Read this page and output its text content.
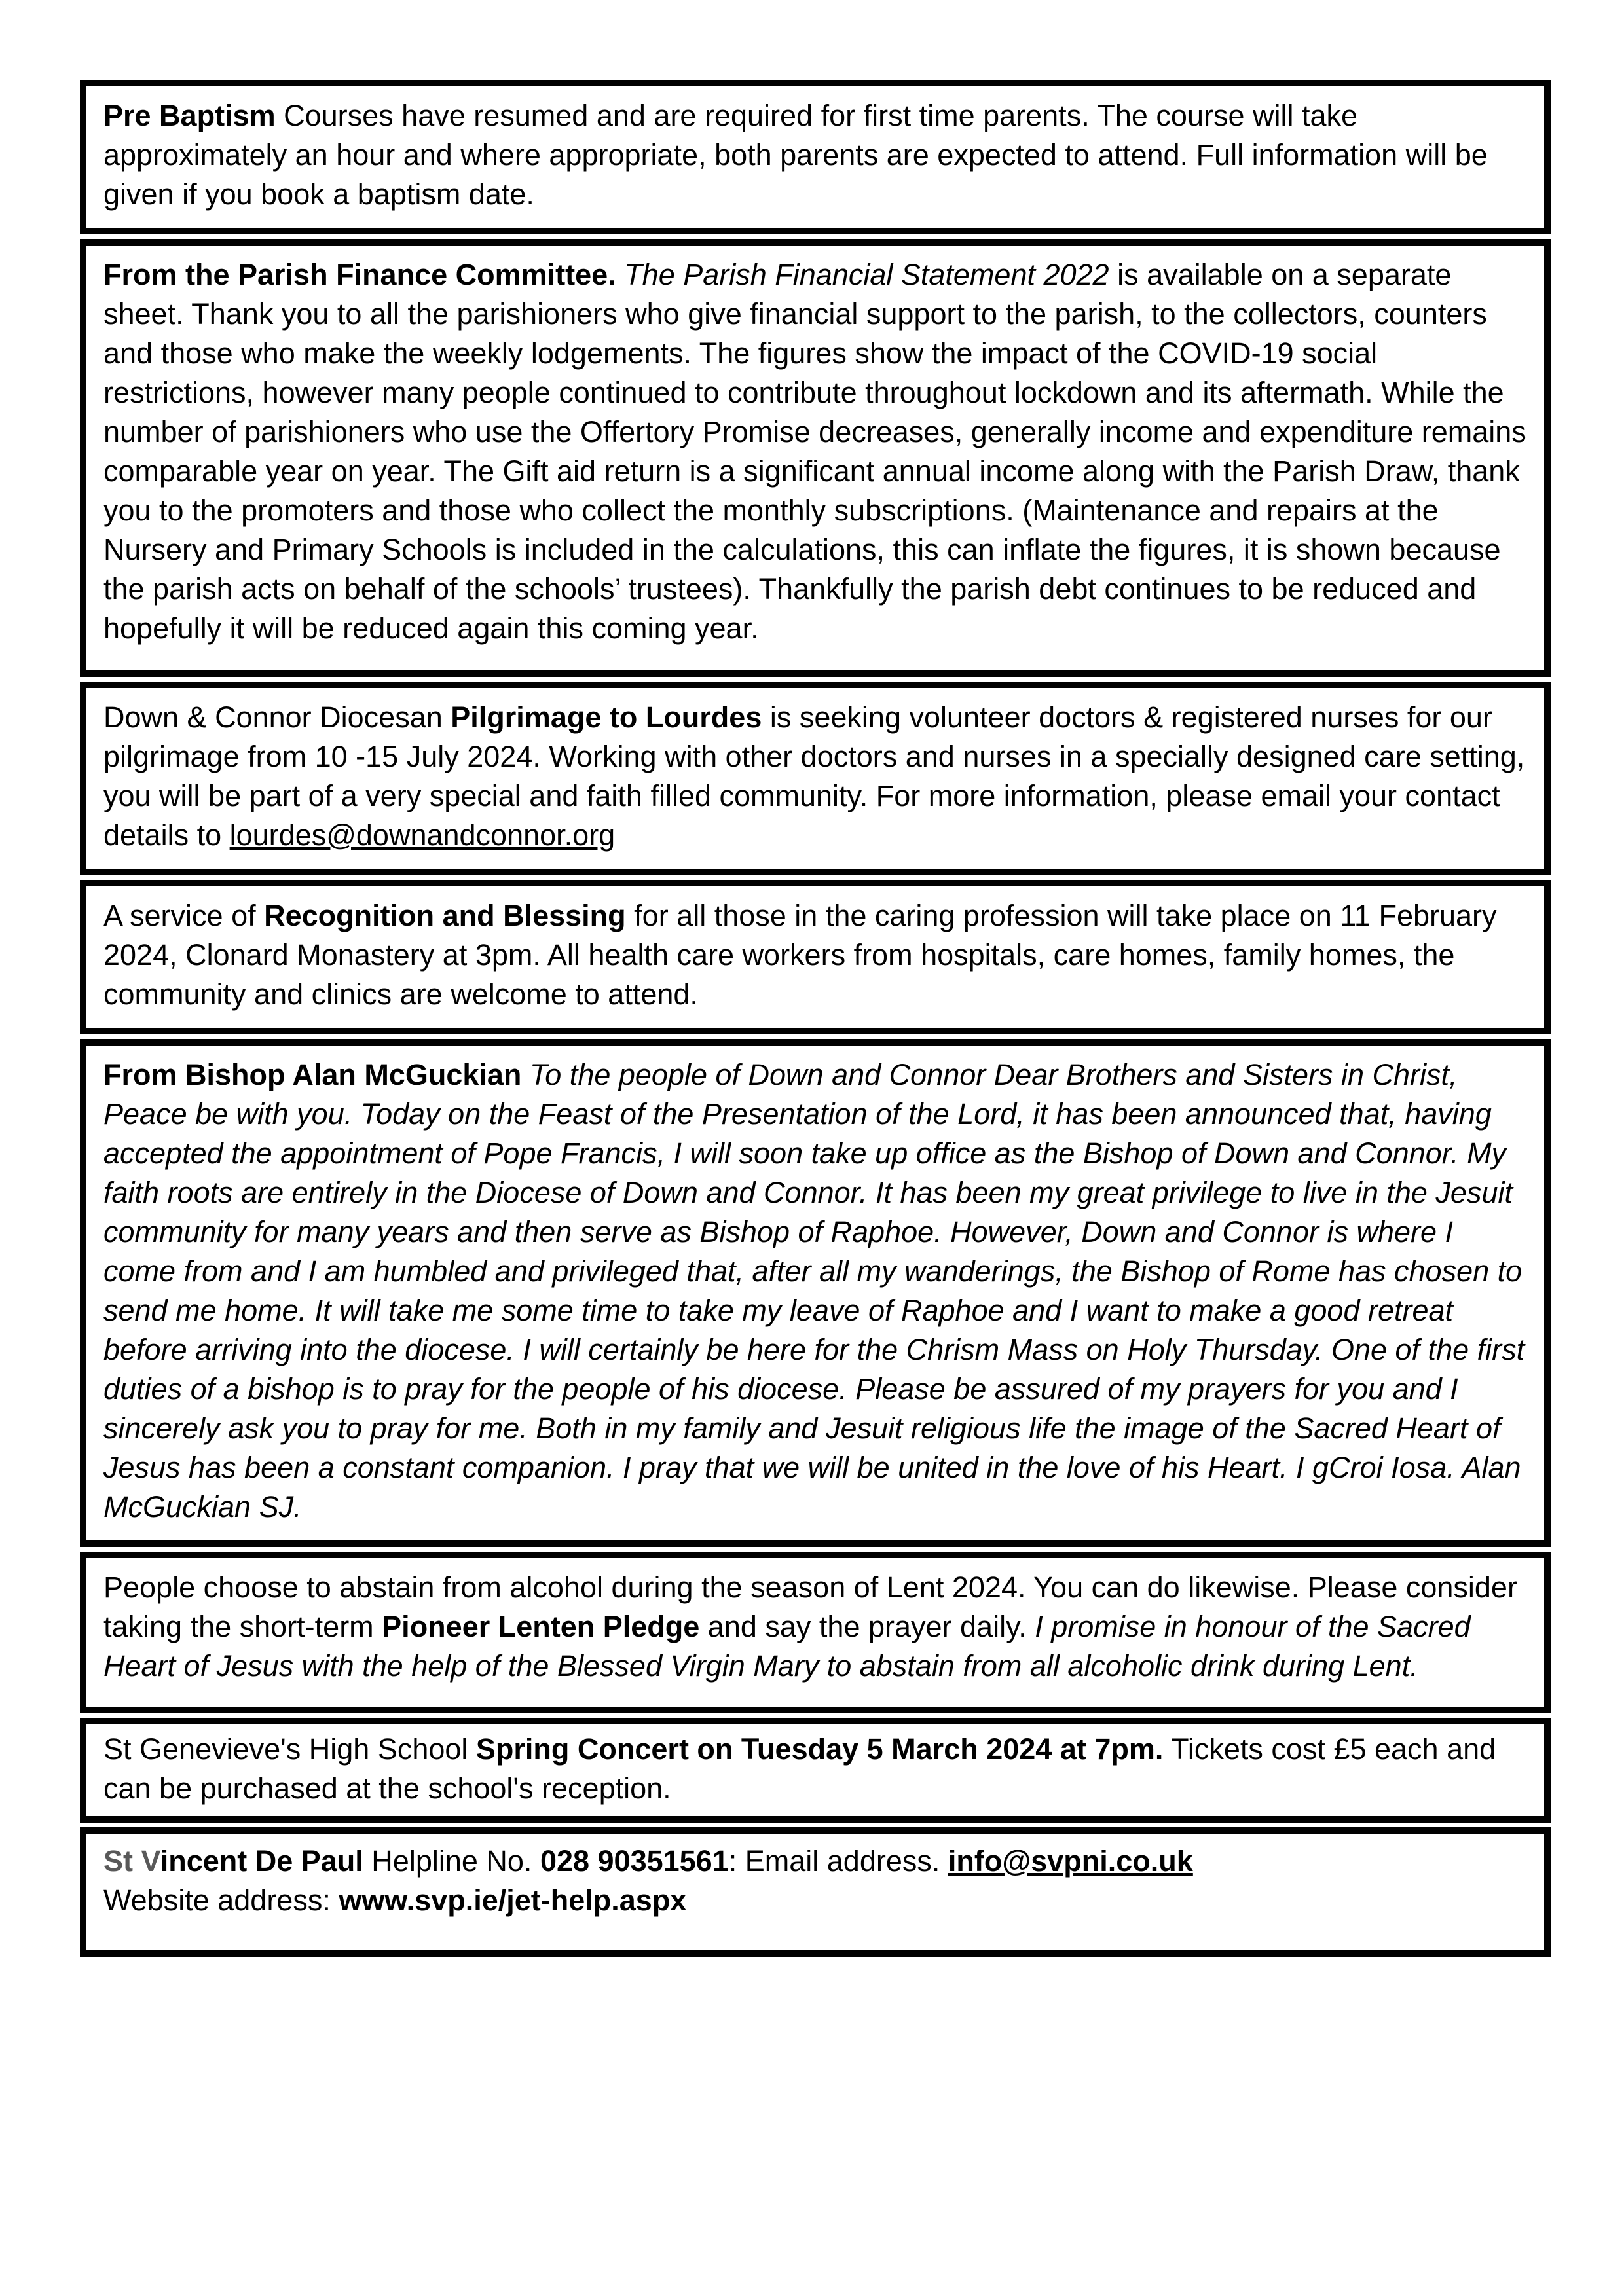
Pre Baptism Courses have resumed and are required for first time parents. The course will take approximately an hour and where appropriate, both parents are expected to attend. Full information will be given if you book a baptism date.

From the Parish Finance Committee. The Parish Financial Statement 2022 is available on a separate sheet. Thank you to all the parishioners who give financial support to the parish, to the collectors, counters and those who make the weekly lodgements. The figures show the impact of the COVID-19 social restrictions, however many people continued to contribute throughout lockdown and its aftermath. While the number of parishioners who use the Offertory Promise decreases, generally income and expenditure remains comparable year on year. The Gift aid return is a significant annual income along with the Parish Draw, thank you to the promoters and those who collect the monthly subscriptions. (Maintenance and repairs at the Nursery and Primary Schools is included in the calculations, this can inflate the figures, it is shown because the parish acts on behalf of the schools’ trustees). Thankfully the parish debt continues to be reduced and hopefully it will be reduced again this coming year.

Down & Connor Diocesan Pilgrimage to Lourdes is seeking volunteer doctors & registered nurses for our pilgrimage from 10 -15 July 2024. Working with other doctors and nurses in a specially designed care setting, you will be part of a very special and faith filled community. For more information, please email your contact details to lourdes@downandconnor.org

A service of Recognition and Blessing for all those in the caring profession will take place on 11 February 2024, Clonard Monastery at 3pm. All health care workers from hospitals, care homes, family homes, the community and clinics are welcome to attend.

From Bishop Alan McGuckian To the people of Down and Connor Dear Brothers and Sisters in Christ, Peace be with you. Today on the Feast of the Presentation of the Lord, it has been announced that, having accepted the appointment of Pope Francis, I will soon take up office as the Bishop of Down and Connor. My faith roots are entirely in the Diocese of Down and Connor. It has been my great privilege to live in the Jesuit community for many years and then serve as Bishop of Raphoe. However, Down and Connor is where I come from and I am humbled and privileged that, after all my wanderings, the Bishop of Rome has chosen to send me home. It will take me some time to take my leave of Raphoe and I want to make a good retreat before arriving into the diocese. I will certainly be here for the Chrism Mass on Holy Thursday. One of the first duties of a bishop is to pray for the people of his diocese. Please be assured of my prayers for you and I sincerely ask you to pray for me. Both in my family and Jesuit religious life the image of the Sacred Heart of Jesus has been a constant companion. I pray that we will be united in the love of his Heart. I gCroi Iosa. Alan McGuckian SJ.

People choose to abstain from alcohol during the season of Lent 2024. You can do likewise. Please consider taking the short-term Pioneer Lenten Pledge and say the prayer daily. I promise in honour of the Sacred Heart of Jesus with the help of the Blessed Virgin Mary to abstain from all alcoholic drink during Lent.

St Genevieve's High School Spring Concert on Tuesday 5 March 2024 at 7pm. Tickets cost £5 each and can be purchased at the school's reception.

St Vincent De Paul Helpline No. 028 90351561: Email address. info@svpni.co.uk
Website address: www.svp.ie/jet-help.aspx
